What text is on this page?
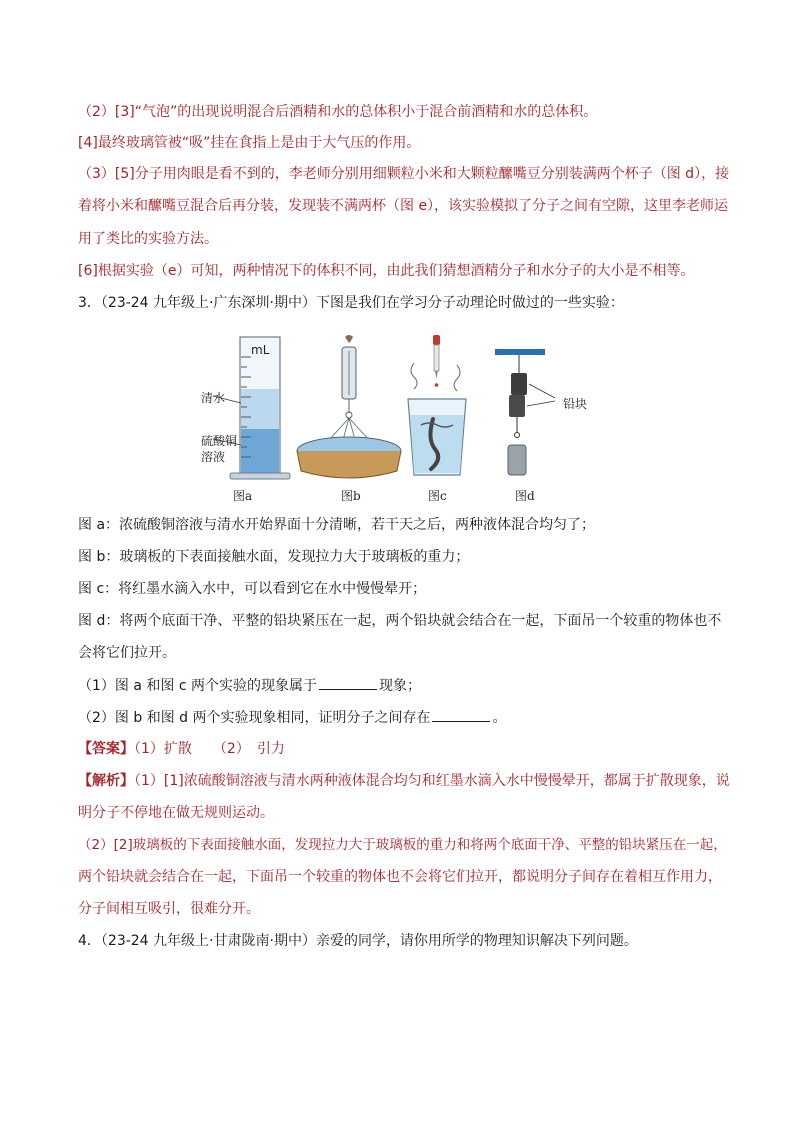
（2）[3]“气泡”的出现说明混合后酒精和水的总体积小于混合前酒精和水的总体积。
[4]最终玻璃管被“吸”挂在食指上是由于大气压的作用。
（3）[5]分子用肉眼是看不到的，李老师分别用细颗粒小米和大颗粒醿嘴豆分别装满两个杯子（图 d），接
着将小米和醿嘴豆混合后再分装，发现装不满两杯（图 e），该实验模拟了分子之间有空隙，这里李老师运
用了类比的实验方法。
[6]根据实验（e）可知，两种情况下的体积不同，由此我们猜想酒精分子和水分子的大小是不相等。
3．（23-24 九年级上·广东深圳·期中）下图是我们在学习分子动理论时做过的一些实验：
mL
清水
硫酸铜
溶液
铅块
图a	图b	图c	图d
图 a：浓硫酸铜溶液与清水开始界面十分清晰，若干天之后，两种液体混合均匀了；
图 b：玻璃板的下表面接触水面，发现拉力大于玻璃板的重力；
图 c：将红墨水滴入水中，可以看到它在水中慢慢晕开；
图 d：将两个底面干净、平整的铅块紧压在一起，两个铅块就会结合在一起，下面吊一个较重的物体也不
会将它们拉开。
（1）图 a 和图 c 两个实验的现象属于	现象；
（2）图 b 和图 d 两个实验现象相同，证明分子之间存在	。
【答案】（1）扩散　　（2）　引力
【解析】（1）[1]浓硫酸铜溶液与清水两种液体混合均匀和红墨水滴入水中慢慢晕开，都属于扩散现象，说
明分子不停地在做无规则运动。
（2）[2]玻璃板的下表面接触水面，发现拉力大于玻璃板的重力和将两个底面干净、平整的铅块紧压在一起，
两个铅块就会结合在一起，下面吊一个较重的物体也不会将它们拉开，都说明分子间存在着相互作用力，
分子间相互吸引，很难分开。
4．（23-24 九年级上·甘肃陇南·期中）亲爱的同学，请你用所学的物理知识解决下列问题。
